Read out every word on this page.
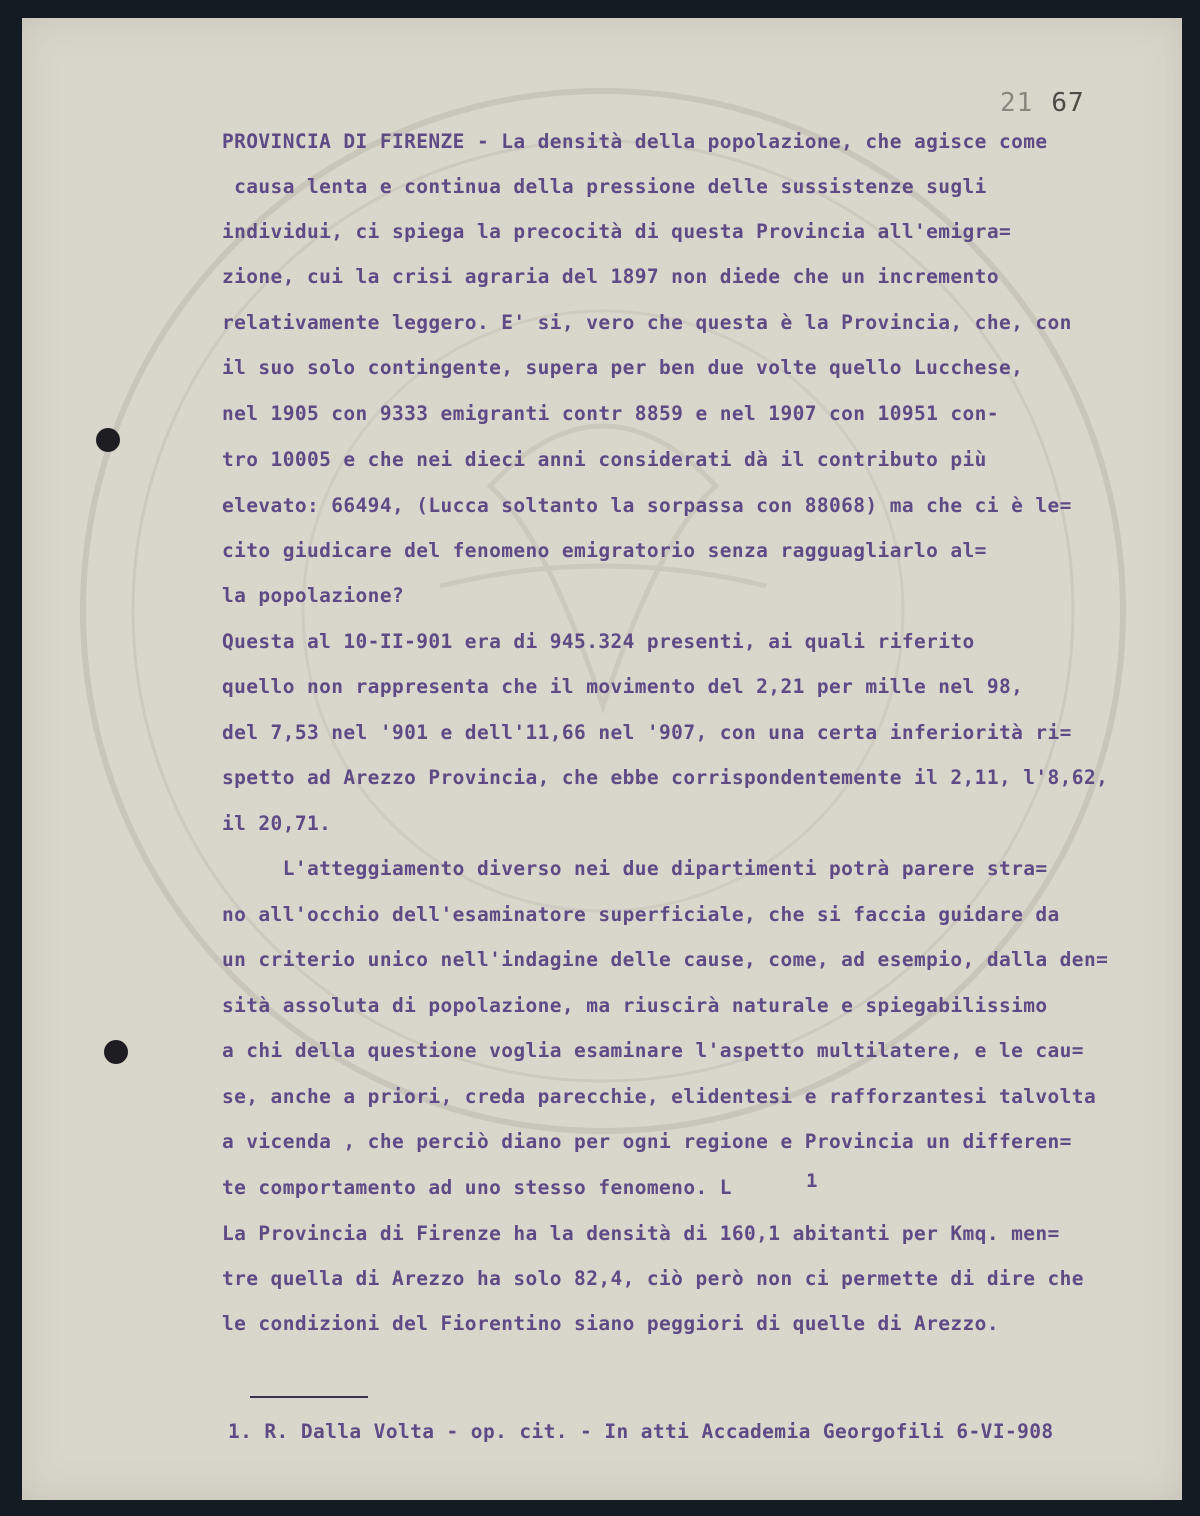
21 67
PROVINCIA DI FIRENZE - La densità della popolazione, che agisce come
causa lenta e continua della pressione delle sussistenze sugli
individui, ci spiega la precocità di questa Provincia all'emigra=
zione, cui la crisi agraria del 1897 non diede che un incremento
relativamente leggero. E' si, vero che questa è la Provincia, che, con
il suo solo contingente, supera per ben due volte quello Lucchese,
nel 1905 con 9333 emigranti contr 8859 e nel 1907 con 10951 con-
tro 10005 e che nei dieci anni considerati dà il contributo più
elevato: 66494, (Lucca soltanto la sorpassa con 88068) ma che ci è le=
cito giudicare del fenomeno emigratorio senza ragguagliarlo al=
la popolazione?
Questa al 10-II-901 era di 945.324 presenti, ai quali riferito
quello non rappresenta che il movimento del 2,21 per mille nel 98,
del 7,53 nel '901 e dell'11,66 nel '907, con una certa inferiorità ri=
spetto ad Arezzo Provincia, che ebbe corrispondentemente il 2,11, l'8,62,
il 20,71.
L'atteggiamento diverso nei due dipartimenti potrà parere stra=
no all'occhio dell'esaminatore superficiale, che si faccia guidare da
un criterio unico nell'indagine delle cause, come, ad esempio, dalla den=
sità assoluta di popolazione, ma riuscirà naturale e spiegabilissimo
a chi della questione voglia esaminare l'aspetto multilatere, e le cau=
se, anche a priori, creda parecchie, elidentesi e rafforzantesi talvolta
a vicenda , che perciò diano per ogni regione e Provincia un differen=
1
te comportamento ad uno stesso fenomeno. L
La Provincia di Firenze ha la densità di 160,1 abitanti per Kmq. men=
tre quella di Arezzo ha solo 82,4, ciò però non ci permette di dire che
le condizioni del Fiorentino siano peggiori di quelle di Arezzo.
1. R. Dalla Volta - op. cit. - In atti Accademia Georgofili 6-VI-908
